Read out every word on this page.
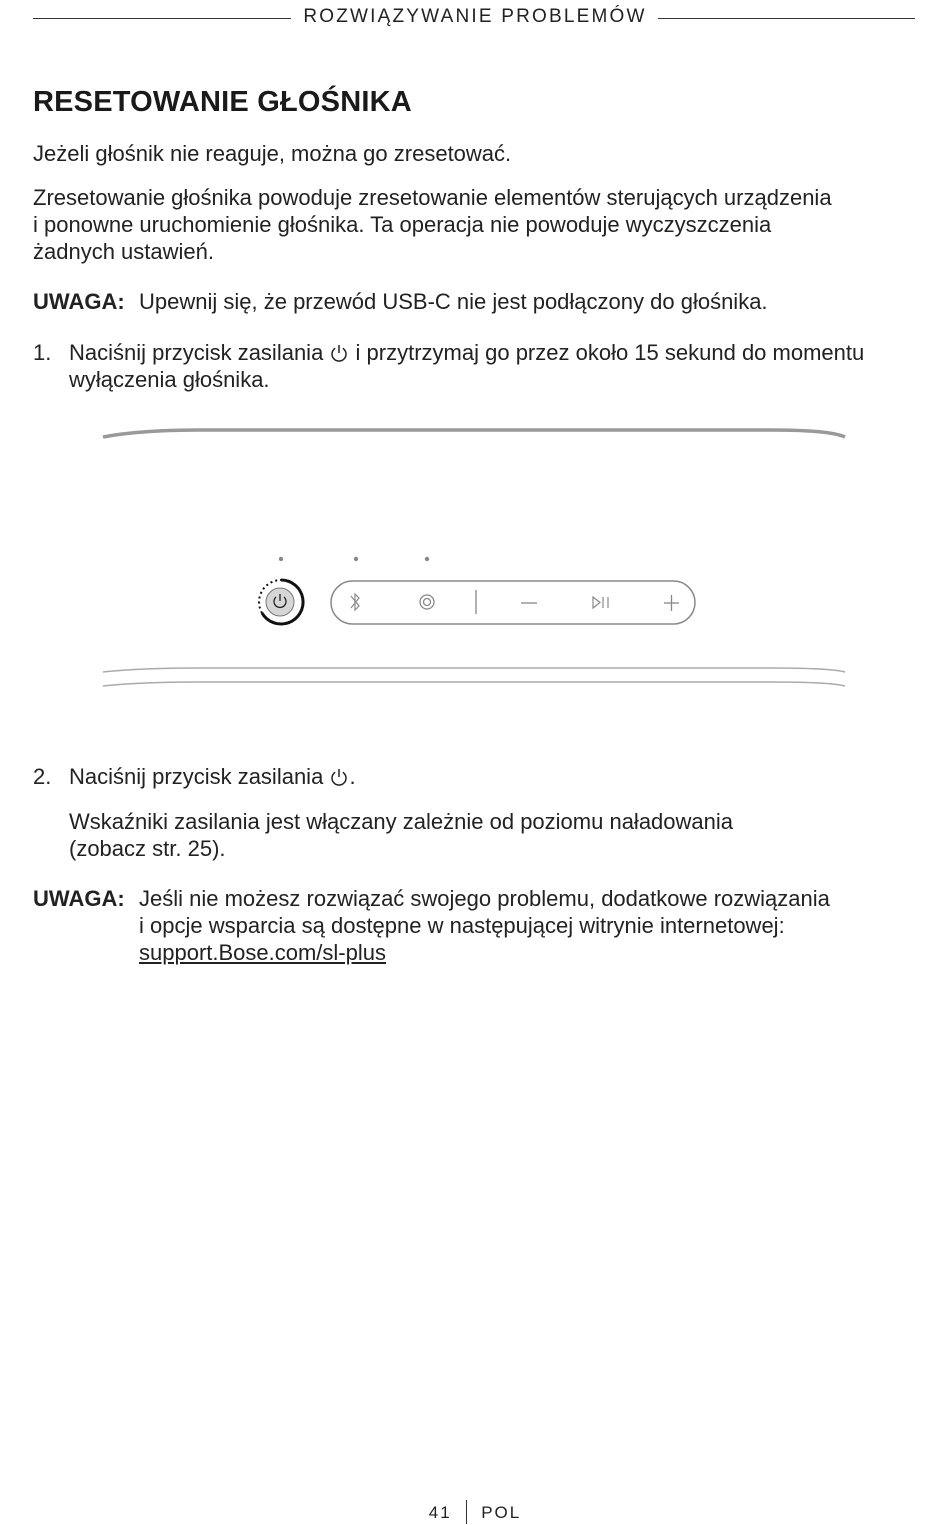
ROZWIĄZYWANIE PROBLEMÓW
RESETOWANIE GŁOŚNIKA

Jeżeli głośnik nie reaguje, można go zresetować.

Zresetowanie głośnika powoduje zresetowanie elementów sterujących urządzenia
i ponowne uruchomienie głośnika. Ta operacja nie powoduje wyczyszczenia
żadnych ustawień.

UWAGA: Upewnij się, że przewód USB-C nie jest podłączony do głośnika.
1. Naciśnij przycisk zasilania  i przytrzymaj go przez około 15 sekund do momentu
wyłączenia głośnika.
2. Naciśnij przycisk zasilania .
Wskaźniki zasilania jest włączany zależnie od poziomu naładowania
(zobacz str. 25).
UWAGA: Jeśli nie możesz rozwiązać swojego problemu, dodatkowe rozwiązania
i opcje wsparcia są dostępne w następującej witrynie internetowej:
support.Bose.com/sl-plus
41 POL
